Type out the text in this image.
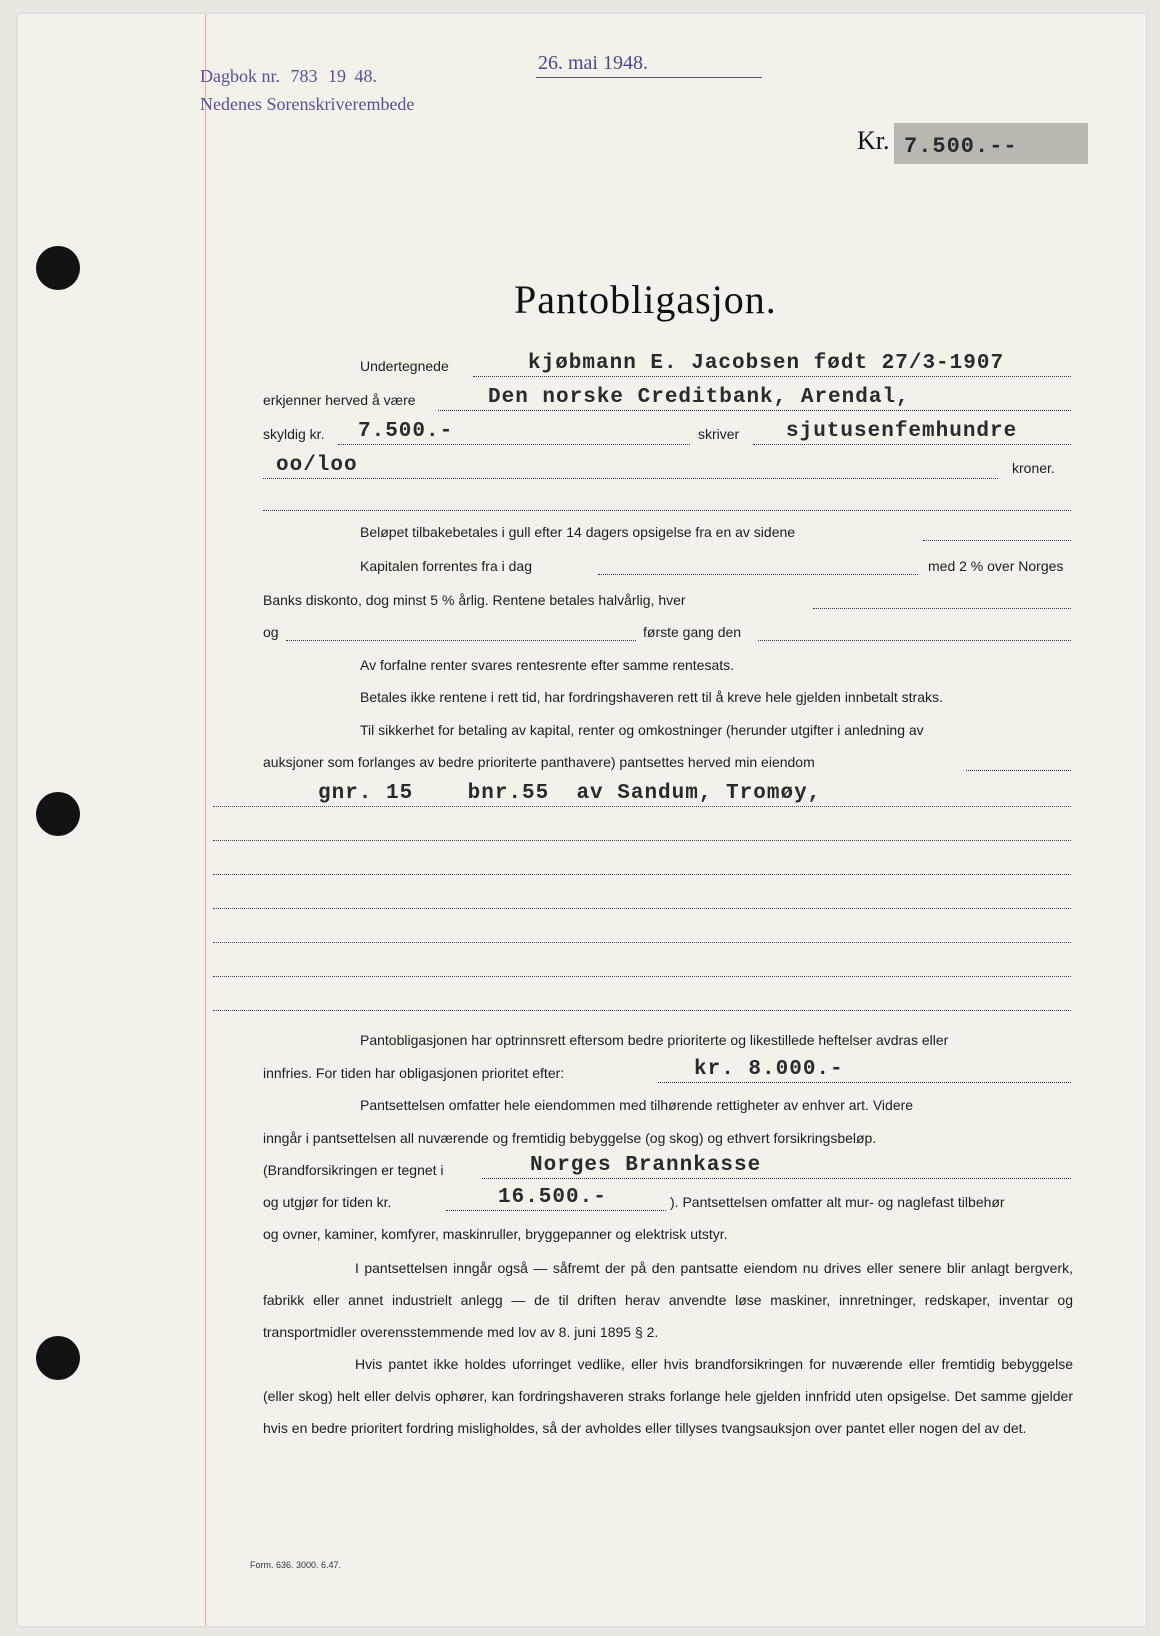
26. mai 1948.
Dagbok nr. 783 19 48.
Nedenes Sorenskriverembede
Kr. 7.500.--
Pantobligasjon.
Undertegnede	kjøbmann E. Jacobsen født 27/3-1907
erkjenner herved å være	Den norske Creditbank, Arendal,
skyldig kr. 7.500.-	skriver sjutusenfemhundre
oo/loo	kroner.
Beløpet tilbakebetales i gull efter 14 dagers opsigelse fra en av sidene
Kapitalen forrentes fra i dag	med 2 % over Norges
Banks diskonto, dog minst 5 % årlig. Rentene betales halvårlig, hver
og	første gang den
Av forfalne renter svares rentesrente efter samme rentesats.
Betales ikke rentene i rett tid, har fordringshaveren rett til å kreve hele gjelden innbetalt straks.
Til sikkerhet for betaling av kapital, renter og omkostninger (herunder utgifter i anledning av
auksjoner som forlanges av bedre prioriterte panthavere) pantsettes herved min eiendom
gnr. 15    bnr.55  av Sandum, Tromøy,
Pantobligasjonen har optrinnsrett eftersom bedre prioriterte og likestillede heftelser avdras eller
innfries. For tiden har obligasjonen prioritet efter:	kr. 8.000.-
Pantsettelsen omfatter hele eiendommen med tilhørende rettigheter av enhver art. Videre
inngår i pantsettelsen all nuværende og fremtidig bebyggelse (og skog) og ethvert forsikringsbeløp.
(Brandforsikringen er tegnet i	Norges Brannkasse
og utgjør for tiden kr.	16.500.-	). Pantsettelsen omfatter alt mur- og naglefast tilbehør
og ovner, kaminer, komfyrer, maskinruller, bryggepanner og elektrisk utstyr.

I pantsettelsen inngår også — såfremt der på den pantsatte eiendom nu drives eller senere blir anlagt bergverk, fabrikk eller annet industrielt anlegg — de til driften herav anvendte løse maskiner, innretninger, redskaper, inventar og transportmidler overensstemmende med lov av 8. juni 1895 § 2.

Hvis pantet ikke holdes uforringet vedlike, eller hvis brandforsikringen for nuværende eller fremtidig bebyggelse (eller skog) helt eller delvis ophører, kan fordringshaveren straks forlange hele gjelden innfridd uten opsigelse. Det samme gjelder hvis en bedre prioritert fordring misligholdes, så der avholdes eller tillyses tvangsauksjon over pantet eller nogen del av det.

Form. 636. 3000. 6.47.
